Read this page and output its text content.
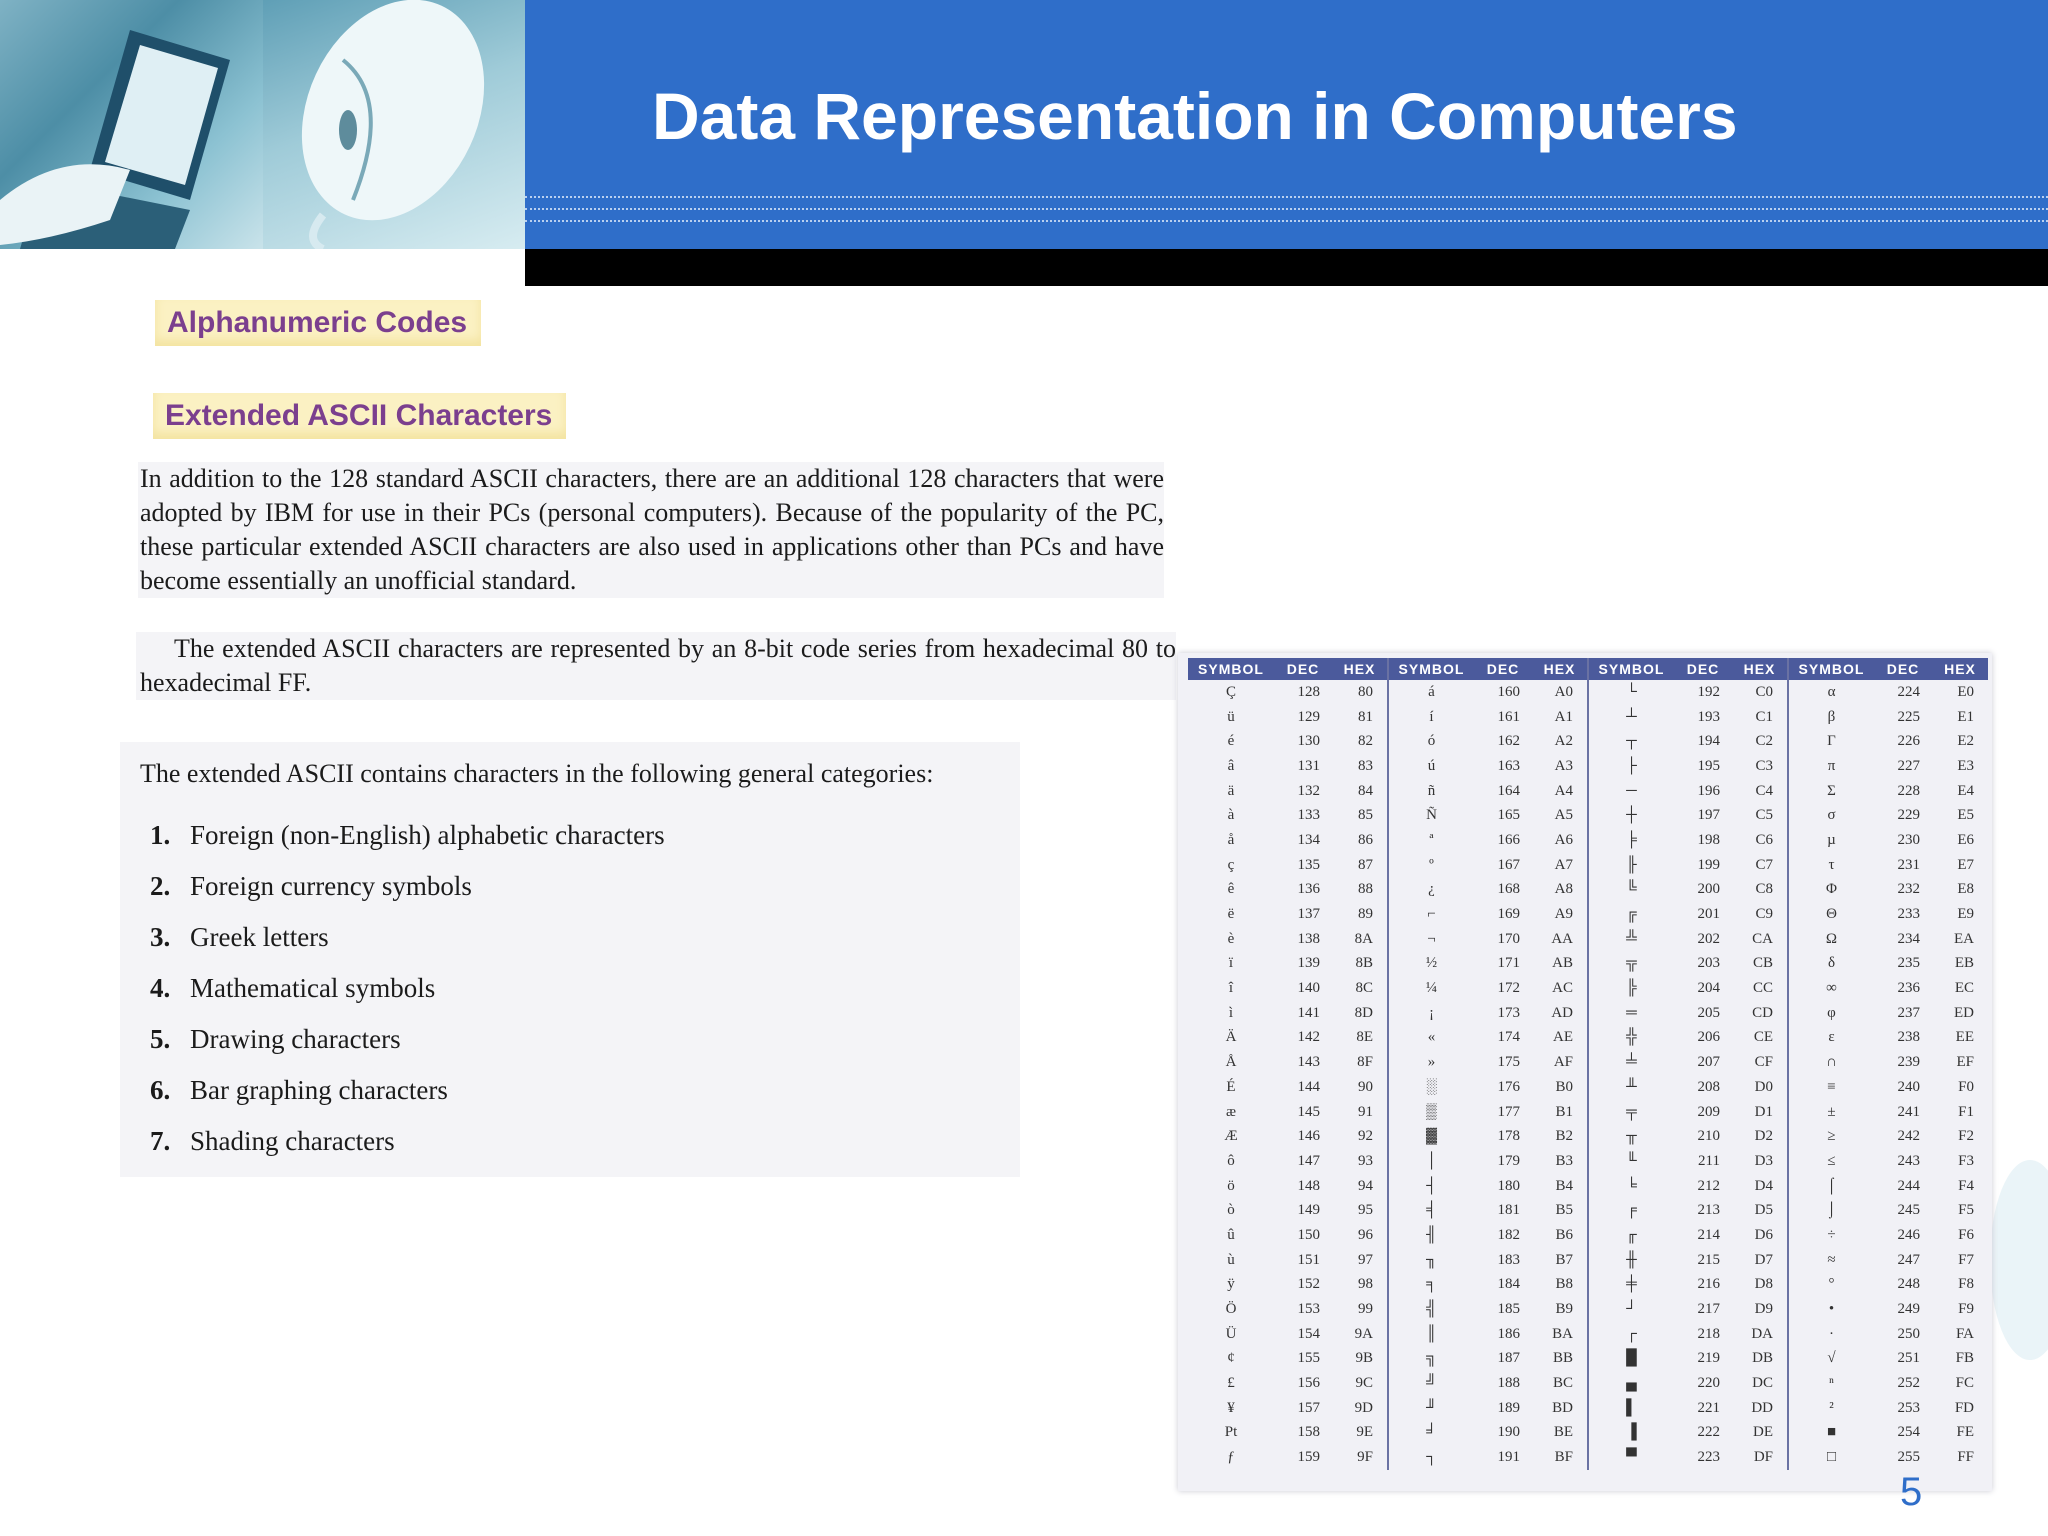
Data Representation in Computers
Alphanumeric Codes
Extended ASCII Characters
In addition to the 128 standard ASCII characters, there are an additional 128 characters that were adopted by IBM for use in their PCs (personal computers). Because of the popularity of the PC, these particular extended ASCII characters are also used in applications other than PCs and have become essentially an unofficial standard.
The extended ASCII characters are represented by an 8-bit code series from hexadecimal 80 to hexadecimal FF.
The extended ASCII contains characters in the following general categories:
1. Foreign (non-English) alphabetic characters
2. Foreign currency symbols
3. Greek letters
4. Mathematical symbols
5. Drawing characters
6. Bar graphing characters
7. Shading characters
SYMBOL	DEC	HEX	SYMBOL	DEC	HEX	SYMBOL	DEC	HEX	SYMBOL	DEC	HEX
Ç	128	80	á	160	A0	└	192	C0	α	224	E0
ü	129	81	í	161	A1	┴	193	C1	β	225	E1
é	130	82	ó	162	A2	┬	194	C2	Γ	226	E2
â	131	83	ú	163	A3	├	195	C3	π	227	E3
ä	132	84	ñ	164	A4	─	196	C4	Σ	228	E4
à	133	85	Ñ	165	A5	┼	197	C5	σ	229	E5
å	134	86	ª	166	A6	╞	198	C6	µ	230	E6
ç	135	87	º	167	A7	╟	199	C7	τ	231	E7
ê	136	88	¿	168	A8	╚	200	C8	Φ	232	E8
ë	137	89	⌐	169	A9	╔	201	C9	Θ	233	E9
è	138	8A	¬	170	AA	╩	202	CA	Ω	234	EA
ï	139	8B	½	171	AB	╦	203	CB	δ	235	EB
î	140	8C	¼	172	AC	╠	204	CC	∞	236	EC
ì	141	8D	¡	173	AD	═	205	CD	φ	237	ED
Ä	142	8E	«	174	AE	╬	206	CE	ε	238	EE
Å	143	8F	»	175	AF	╧	207	CF	∩	239	EF
É	144	90	░	176	B0	╨	208	D0	≡	240	F0
æ	145	91	▒	177	B1	╤	209	D1	±	241	F1
Æ	146	92	▓	178	B2	╥	210	D2	≥	242	F2
ô	147	93	│	179	B3	╙	211	D3	≤	243	F3
ö	148	94	┤	180	B4	╘	212	D4	⌠	244	F4
ò	149	95	╡	181	B5	╒	213	D5	⌡	245	F5
û	150	96	╢	182	B6	╓	214	D6	÷	246	F6
ù	151	97	╖	183	B7	╫	215	D7	≈	247	F7
ÿ	152	98	╕	184	B8	╪	216	D8	°	248	F8
Ö	153	99	╣	185	B9	┘	217	D9	•	249	F9
Ü	154	9A	║	186	BA	┌	218	DA	·	250	FA
¢	155	9B	╗	187	BB	█	219	DB	√	251	FB
£	156	9C	╝	188	BC	▄	220	DC	ⁿ	252	FC
¥	157	9D	╜	189	BD	▌	221	DD	²	253	FD
Pt	158	9E	╛	190	BE	▐	222	DE	■	254	FE
ƒ	159	9F	┐	191	BF	▀	223	DF	□	255	FF
5
